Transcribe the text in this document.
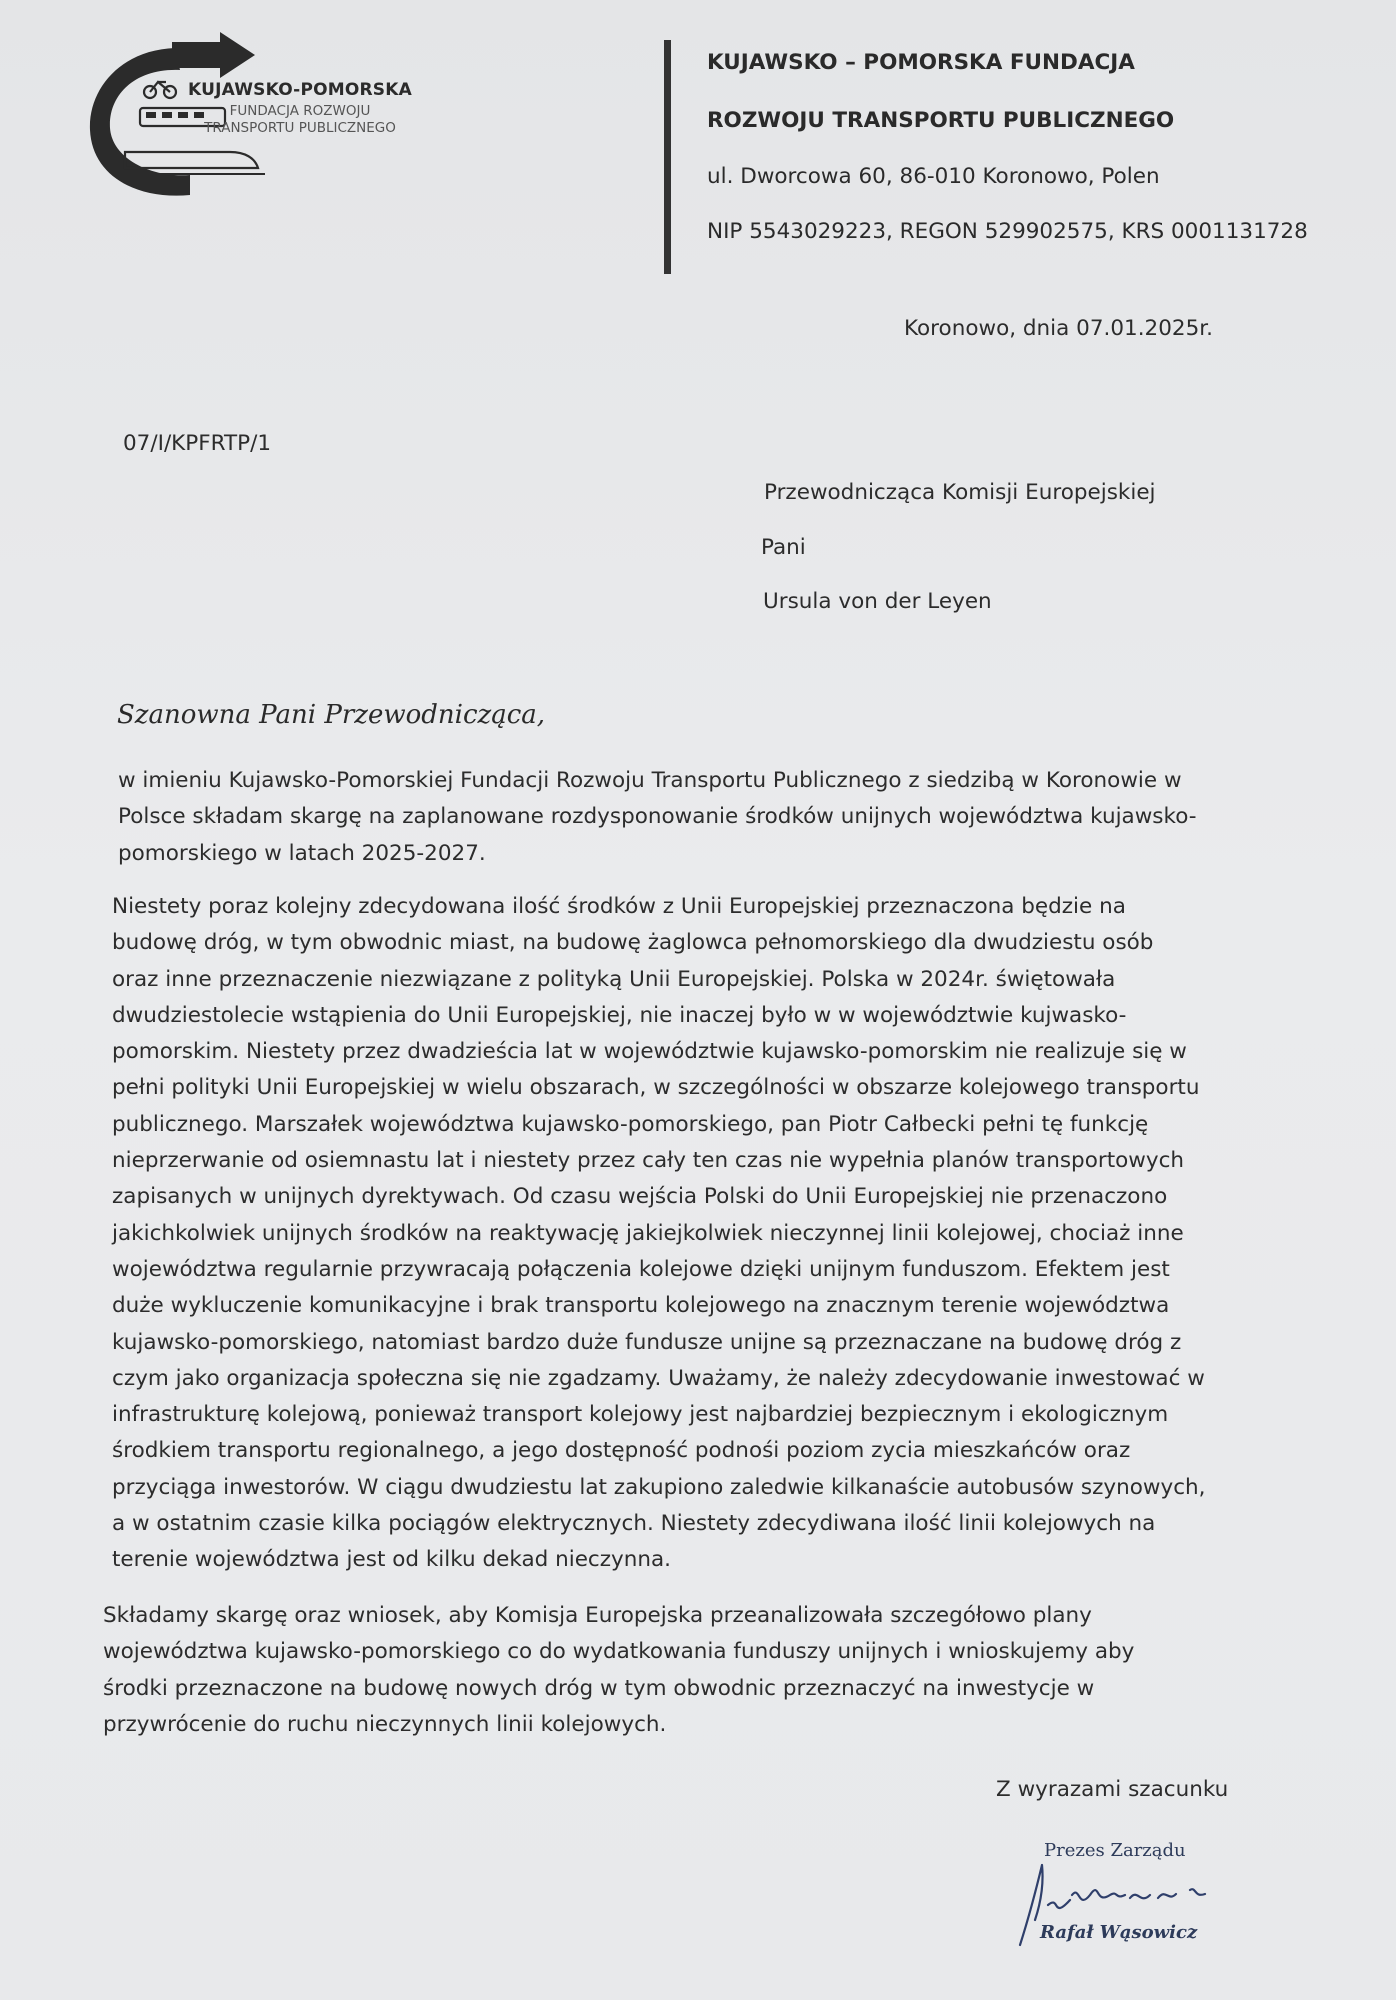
KUJAWSKO-POMORSKA
FUNDACJA ROZWOJU
TRANSPORTU PUBLICZNEGO
KUJAWSKO – POMORSKA FUNDACJA
ROZWOJU TRANSPORTU PUBLICZNEGO
ul. Dworcowa 60, 86-010 Koronowo, Polen
NIP 5543029223, REGON 529902575, KRS 0001131728
Koronowo, dnia 07.01.2025r.
07/I/KPFRTP/1
Przewodnicząca Komisji Europejskiej
Pani
Ursula von der Leyen
Szanowna Pani Przewodnicząca,
w imieniu Kujawsko-Pomorskiej Fundacji Rozwoju Transportu Publicznego z siedzibą w Koronowie w
Polsce składam skargę na zaplanowane rozdysponowanie środków unijnych województwa kujawsko-
pomorskiego w latach 2025-2027.
Niestety poraz kolejny zdecydowana ilość środków z Unii Europejskiej przeznaczona będzie na
budowę dróg, w tym obwodnic miast, na budowę żaglowca pełnomorskiego dla dwudziestu osób
oraz inne przeznaczenie niezwiązane z polityką Unii Europejskiej. Polska w 2024r. świętowała
dwudziestolecie wstąpienia do Unii Europejskiej, nie inaczej było w w województwie kujwasko-
pomorskim. Niestety przez dwadzieścia lat w województwie kujawsko-pomorskim nie realizuje się w
pełni polityki Unii Europejskiej w wielu obszarach, w szczególności w obszarze kolejowego transportu
publicznego. Marszałek województwa kujawsko-pomorskiego, pan Piotr Całbecki pełni tę funkcję
nieprzerwanie od osiemnastu lat i niestety przez cały ten czas nie wypełnia planów transportowych
zapisanych w unijnych dyrektywach. Od czasu wejścia Polski do Unii Europejskiej nie przenaczono
jakichkolwiek unijnych środków na reaktywację jakiejkolwiek nieczynnej linii kolejowej, chociaż inne
województwa regularnie przywracają połączenia kolejowe dzięki unijnym funduszom. Efektem jest
duże wykluczenie komunikacyjne i brak transportu kolejowego na znacznym terenie województwa
kujawsko-pomorskiego, natomiast bardzo duże fundusze unijne są przeznaczane na budowę dróg z
czym jako organizacja społeczna się nie zgadzamy. Uważamy, że należy zdecydowanie inwestować w
infrastrukturę kolejową, ponieważ transport kolejowy jest najbardziej bezpiecznym i ekologicznym
środkiem transportu regionalnego, a jego dostępność podnośi poziom zycia mieszkańców oraz
przyciąga inwestorów. W ciągu dwudziestu lat zakupiono zaledwie kilkanaście autobusów szynowych,
a w ostatnim czasie kilka pociągów elektrycznych. Niestety zdecydiwana ilość linii kolejowych na
terenie województwa jest od kilku dekad nieczynna.
Składamy skargę oraz wniosek, aby Komisja Europejska przeanalizowała szczegółowo plany
województwa kujawsko-pomorskiego co do wydatkowania funduszy unijnych i wnioskujemy aby
środki przeznaczone na budowę nowych dróg w tym obwodnic przeznaczyć na inwestycje w
przywrócenie do ruchu nieczynnych linii kolejowych.
Z wyrazami szacunku
Prezes Zarządu
Rafał Wąsowicz
